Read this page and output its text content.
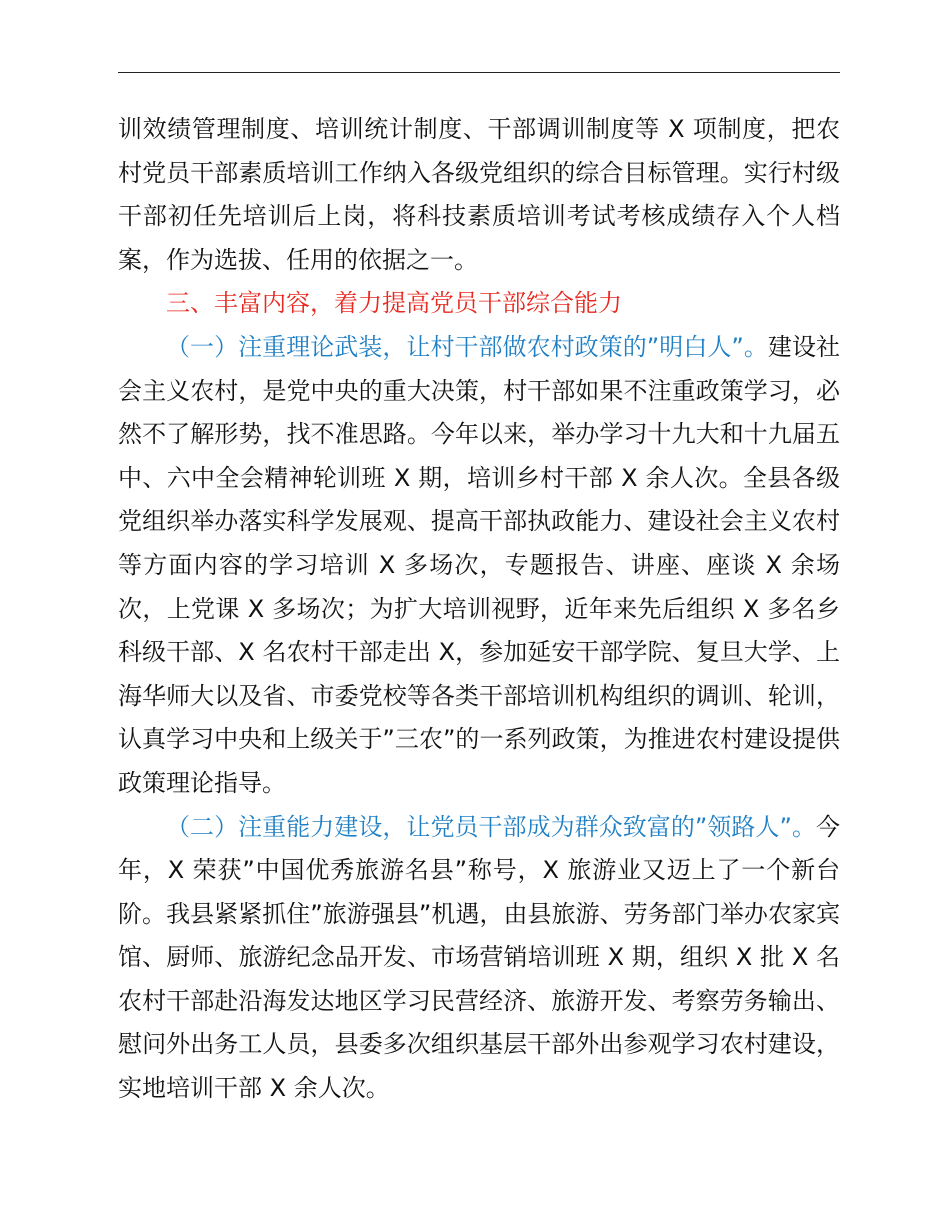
训效绩管理制度、培训统计制度、干部调训制度等 X 项制度，把农村党员干部素质培训工作纳入各级党组织的综合目标管理。实行村级干部初任先培训后上岗，将科技素质培训考试考核成绩存入个人档案，作为选拔、任用的依据之一。

三、丰富内容，着力提高党员干部综合能力

（一）注重理论武装，让村干部做农村政策的”明白人”。建设社会主义农村，是党中央的重大决策，村干部如果不注重政策学习，必然不了解形势，找不准思路。今年以来，举办学习十九大和十九届五中、六中全会精神轮训班 X 期，培训乡村干部 X 余人次。全县各级党组织举办落实科学发展观、提高干部执政能力、建设社会主义农村等方面内容的学习培训 X 多场次，专题报告、讲座、座谈 X 余场次，上党课 X 多场次；为扩大培训视野，近年来先后组织 X 多名乡科级干部、X 名农村干部走出 X，参加延安干部学院、复旦大学、上海华师大以及省、市委党校等各类干部培训机构组织的调训、轮训，认真学习中央和上级关于”三农”的一系列政策，为推进农村建设提供政策理论指导。

（二）注重能力建设，让党员干部成为群众致富的”领路人”。今年，X 荣获”中国优秀旅游名县”称号，X 旅游业又迈上了一个新台阶。我县紧紧抓住”旅游强县”机遇，由县旅游、劳务部门举办农家宾馆、厨师、旅游纪念品开发、市场营销培训班 X 期，组织 X 批 X 名农村干部赴沿海发达地区学习民营经济、旅游开发、考察劳务输出、慰问外出务工人员，县委多次组织基层干部外出参观学习农村建设，实地培训干部 X 余人次。
